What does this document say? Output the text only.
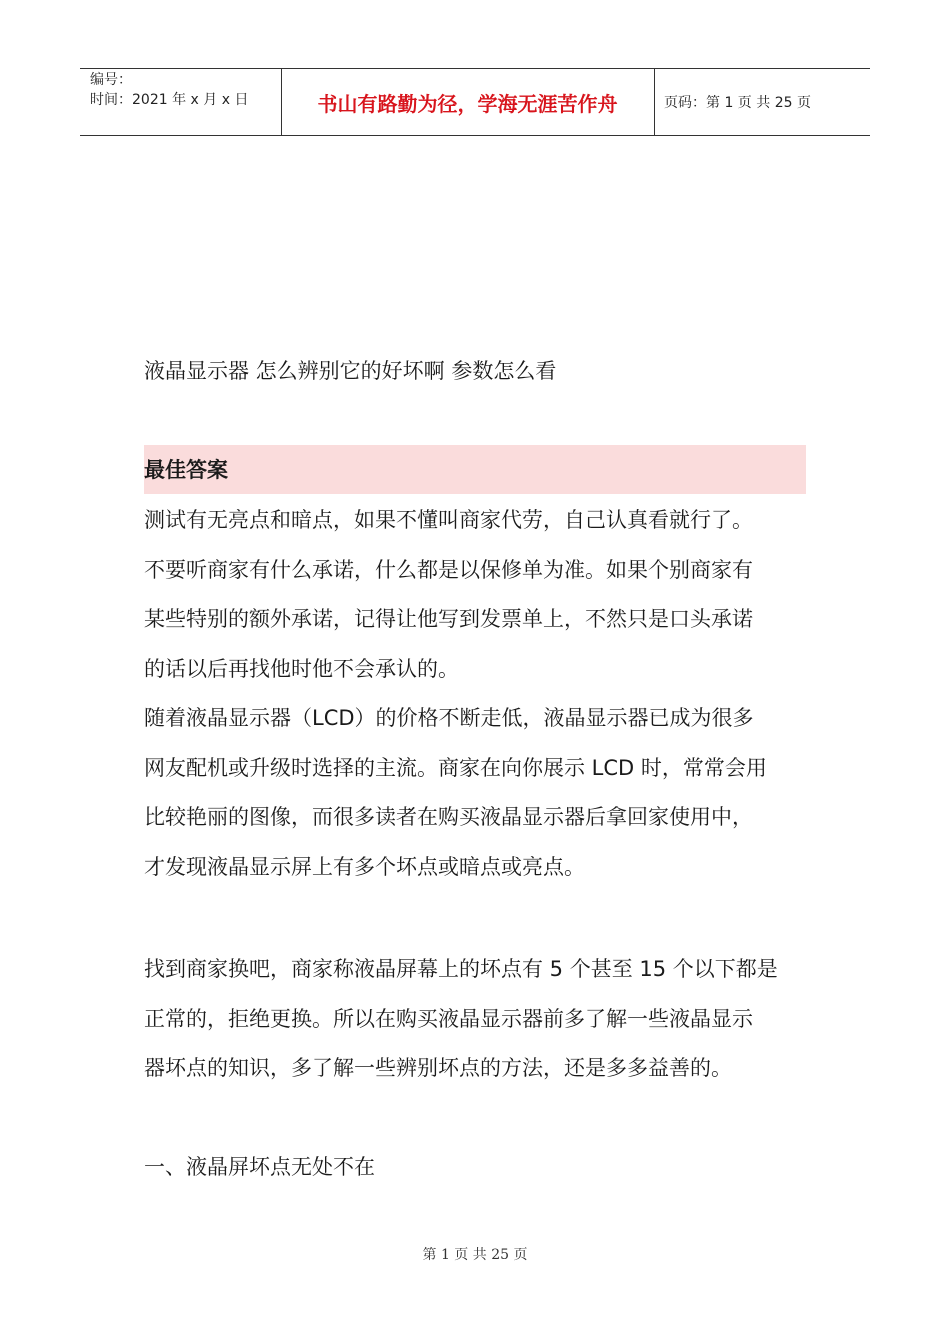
编号：
时间：2021 年 x 月 x 日	书山有路勤为径，学海无涯苦作舟	页码：第 1 页 共 25 页
液晶显示器 怎么辨别它的好坏啊 参数怎么看
最佳答案
测试有无亮点和暗点，如果不懂叫商家代劳，自己认真看就行了。
不要听商家有什么承诺，什么都是以保修单为准。如果个别商家有
某些特别的额外承诺，记得让他写到发票单上，不然只是口头承诺
的话以后再找他时他不会承认的。
随着液晶显示器（LCD）的价格不断走低，液晶显示器已成为很多
网友配机或升级时选择的主流。商家在向你展示 LCD 时，常常会用
比较艳丽的图像，而很多读者在购买液晶显示器后拿回家使用中，
才发现液晶显示屏上有多个坏点或暗点或亮点。
找到商家换吧，商家称液晶屏幕上的坏点有 5 个甚至 15 个以下都是
正常的，拒绝更换。所以在购买液晶显示器前多了解一些液晶显示
器坏点的知识，多了解一些辨别坏点的方法，还是多多益善的。
一、液晶屏坏点无处不在
第 1 页 共 25 页
